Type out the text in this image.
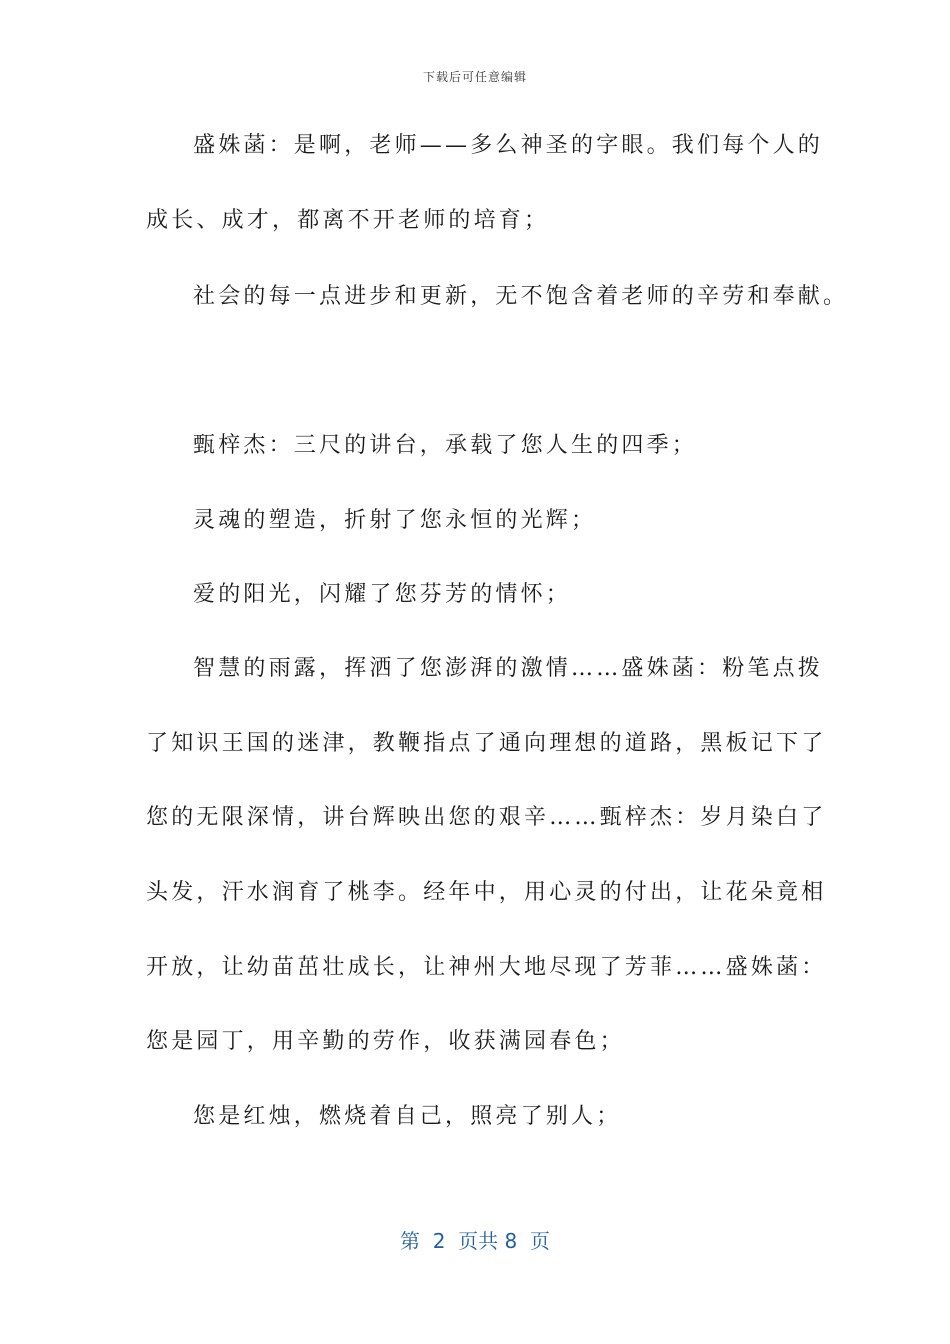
下载后可任意编辑

盛姝菡：是啊，老师——多么神圣的字眼。我们每个人的

成长、成才，都离不开老师的培育；

社会的每一点进步和更新，无不饱含着老师的辛劳和奉献。

甄梓杰：三尺的讲台，承载了您人生的四季；

灵魂的塑造，折射了您永恒的光辉；

爱的阳光，闪耀了您芬芳的情怀；

智慧的雨露，挥洒了您澎湃的激情……盛姝菡：粉笔点拨

了知识王国的迷津，教鞭指点了通向理想的道路，黑板记下了

您的无限深情，讲台辉映出您的艰辛……甄梓杰：岁月染白了

头发，汗水润育了桃李。经年中，用心灵的付出，让花朵竟相

开放，让幼苗茁壮成长，让神州大地尽现了芳菲……盛姝菡：

您是园丁，用辛勤的劳作，收获满园春色；

您是红烛，燃烧着自己，照亮了别人；

第  2  页共 8  页
